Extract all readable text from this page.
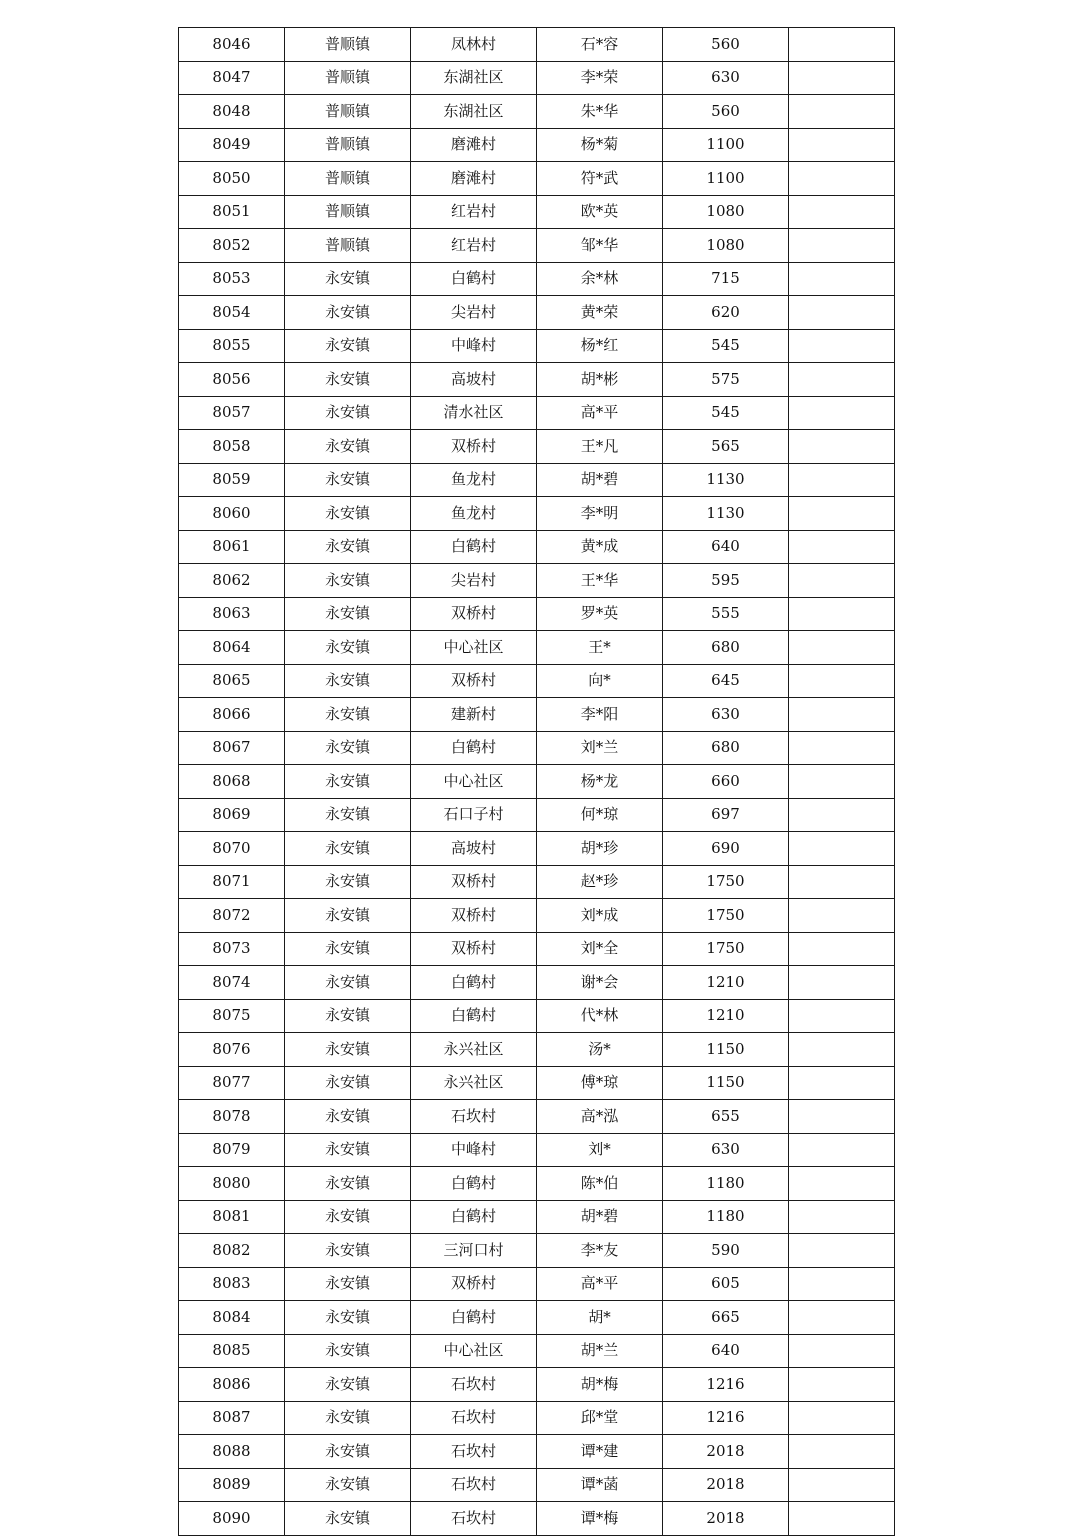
8046	普顺镇	凤林村	石*容	560	
8047	普顺镇	东湖社区	李*荣	630	
8048	普顺镇	东湖社区	朱*华	560	
8049	普顺镇	磨滩村	杨*菊	1100	
8050	普顺镇	磨滩村	符*武	1100	
8051	普顺镇	红岩村	欧*英	1080	
8052	普顺镇	红岩村	邹*华	1080	
8053	永安镇	白鹤村	余*林	715	
8054	永安镇	尖岩村	黄*荣	620	
8055	永安镇	中峰村	杨*红	545	
8056	永安镇	高坡村	胡*彬	575	
8057	永安镇	清水社区	高*平	545	
8058	永安镇	双桥村	王*凡	565	
8059	永安镇	鱼龙村	胡*碧	1130	
8060	永安镇	鱼龙村	李*明	1130	
8061	永安镇	白鹤村	黄*成	640	
8062	永安镇	尖岩村	王*华	595	
8063	永安镇	双桥村	罗*英	555	
8064	永安镇	中心社区	王*	680	
8065	永安镇	双桥村	向*	645	
8066	永安镇	建新村	李*阳	630	
8067	永安镇	白鹤村	刘*兰	680	
8068	永安镇	中心社区	杨*龙	660	
8069	永安镇	石口子村	何*琼	697	
8070	永安镇	高坡村	胡*珍	690	
8071	永安镇	双桥村	赵*珍	1750	
8072	永安镇	双桥村	刘*成	1750	
8073	永安镇	双桥村	刘*全	1750	
8074	永安镇	白鹤村	谢*会	1210	
8075	永安镇	白鹤村	代*林	1210	
8076	永安镇	永兴社区	汤*	1150	
8077	永安镇	永兴社区	傅*琼	1150	
8078	永安镇	石坎村	高*泓	655	
8079	永安镇	中峰村	刘*	630	
8080	永安镇	白鹤村	陈*伯	1180	
8081	永安镇	白鹤村	胡*碧	1180	
8082	永安镇	三河口村	李*友	590	
8083	永安镇	双桥村	高*平	605	
8084	永安镇	白鹤村	胡*	665	
8085	永安镇	中心社区	胡*兰	640	
8086	永安镇	石坎村	胡*梅	1216	
8087	永安镇	石坎村	邱*堂	1216	
8088	永安镇	石坎村	谭*建	2018	
8089	永安镇	石坎村	谭*菡	2018	
8090	永安镇	石坎村	谭*梅	2018	
